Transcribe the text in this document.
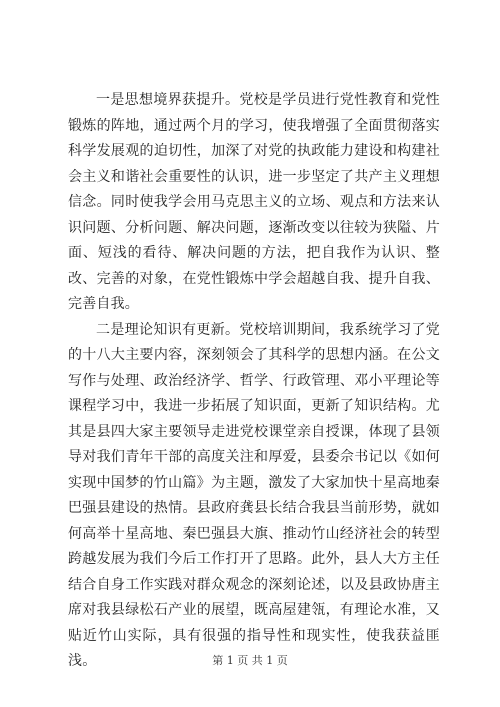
一是思想境界获提升。党校是学员进行党性教育和党性锻炼的阵地，通过两个月的学习，使我增强了全面贯彻落实科学发展观的迫切性，加深了对党的执政能力建设和构建社会主义和谐社会重要性的认识，进一步坚定了共产主义理想信念。同时使我学会用马克思主义的立场、观点和方法来认识问题、分析问题、解决问题，逐渐改变以往较为狭隘、片面、短浅的看待、解决问题的方法，把自我作为认识、整改、完善的对象，在党性锻炼中学会超越自我、提升自我、完善自我。

二是理论知识有更新。党校培训期间，我系统学习了党的十八大主要内容，深刻领会了其科学的思想内涵。在公文写作与处理、政治经济学、哲学、行政管理、邓小平理论等课程学习中，我进一步拓展了知识面，更新了知识结构。尤其是县四大家主要领导走进党校课堂亲自授课，体现了县领导对我们青年干部的高度关注和厚爱，县委佘书记以《如何实现中国梦的竹山篇》为主题，激发了大家加快十星高地秦巴强县建设的热情。县政府龚县长结合我县当前形势，就如何高举十星高地、秦巴强县大旗、推动竹山经济社会的转型跨越发展为我们今后工作打开了思路。此外，县人大方主任结合自身工作实践对群众观念的深刻论述，以及县政协唐主席对我县绿松石产业的展望，既高屋建瓴，有理论水准，又贴近竹山实际，具有很强的指导性和现实性，使我获益匪浅。	第 1 页 共 1 页
